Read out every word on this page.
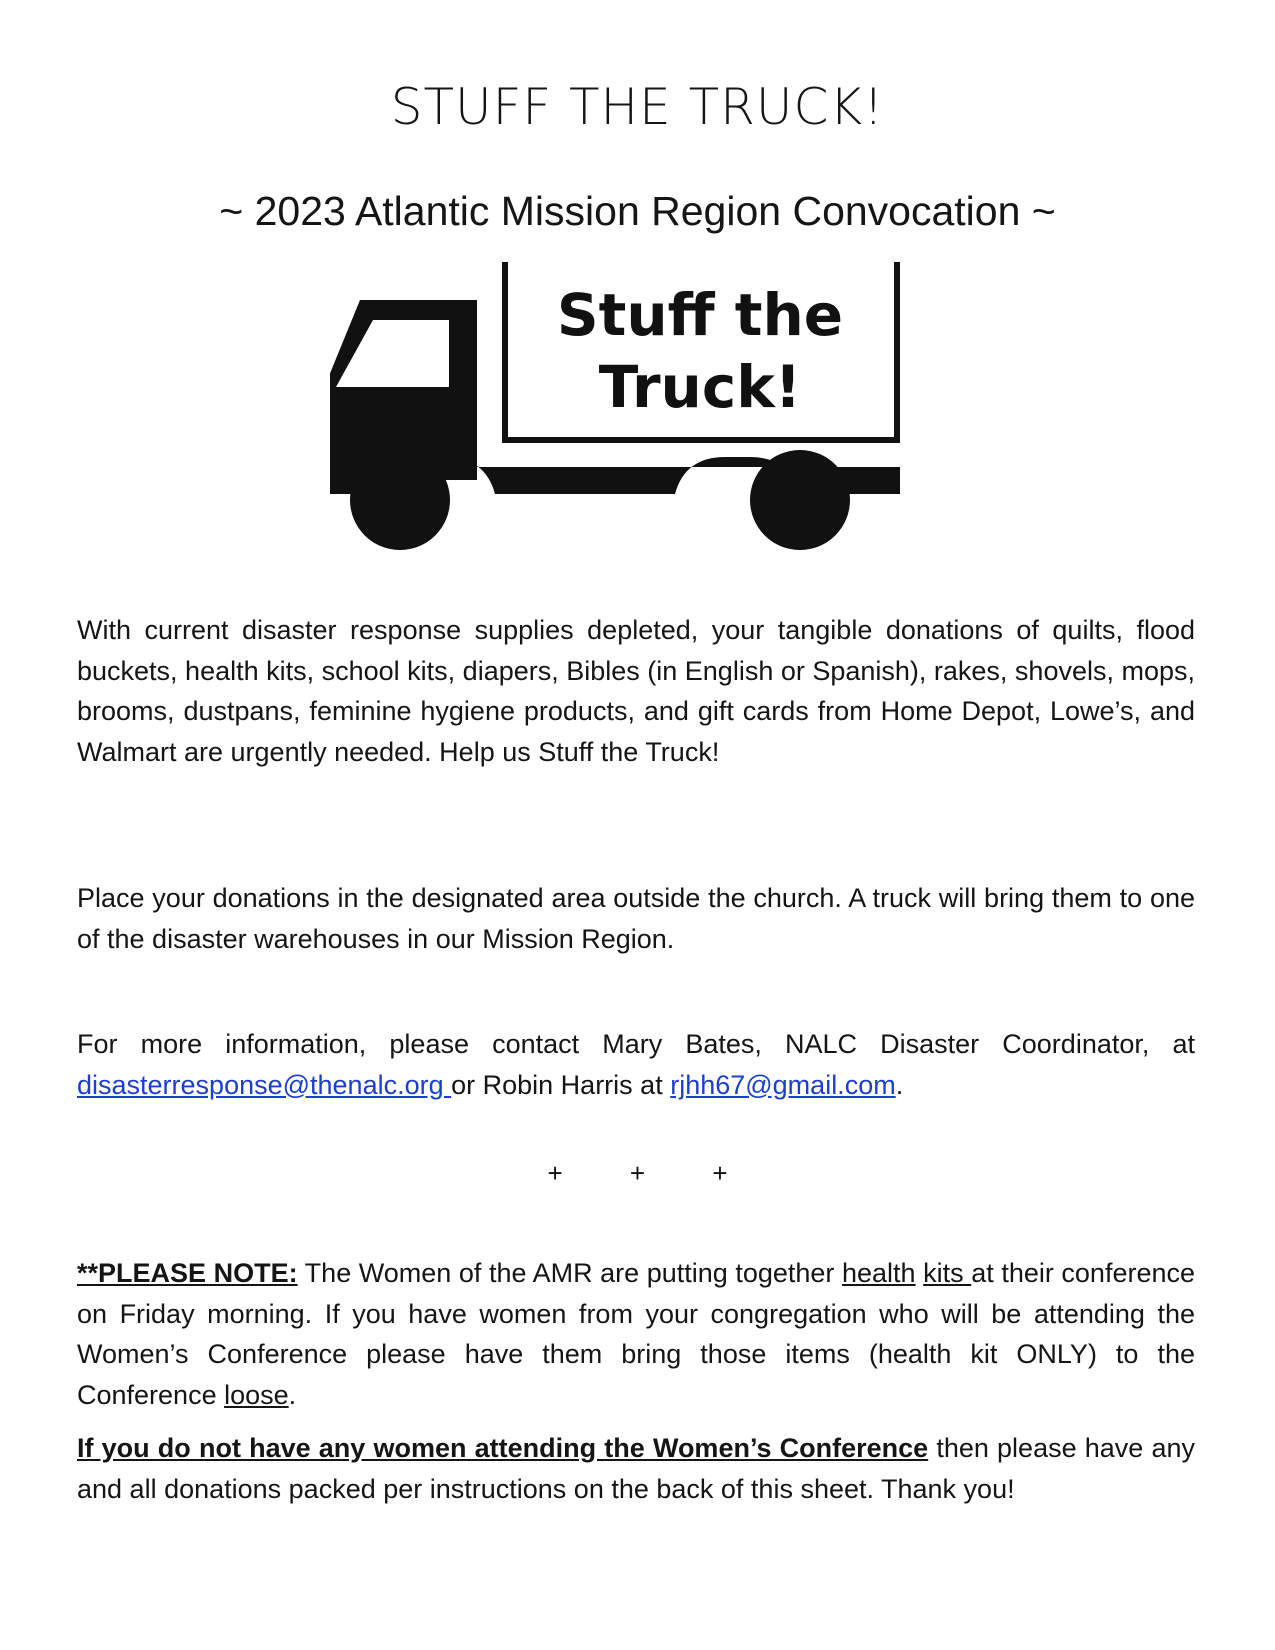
STUFF THE TRUCK!
~ 2023 Atlantic Mission Region Convocation ~
Stuff the
Truck!
With current disaster response supplies depleted, your tangible donations of quilts, flood buckets, health kits, school kits, diapers, Bibles (in English or Spanish), rakes, shovels, mops, brooms, dustpans, feminine hygiene products, and gift cards from Home Depot, Lowe’s, and Walmart are urgently needed. Help us Stuff the Truck!
Place your donations in the designated area outside the church. A truck will bring them to one of the disaster warehouses in our Mission Region.
For more information, please contact Mary Bates, NALC Disaster Coordinator, at disasterresponse@thenalc.org or Robin Harris at rjhh67@gmail.com.
+ + +
**PLEASE NOTE: The Women of the AMR are putting together health kits at their conference on Friday morning. If you have women from your congregation who will be attending the Women’s Conference please have them bring those items (health kit ONLY) to the Conference loose.
If you do not have any women attending the Women’s Conference then please have any and all donations packed per instructions on the back of this sheet. Thank you!
